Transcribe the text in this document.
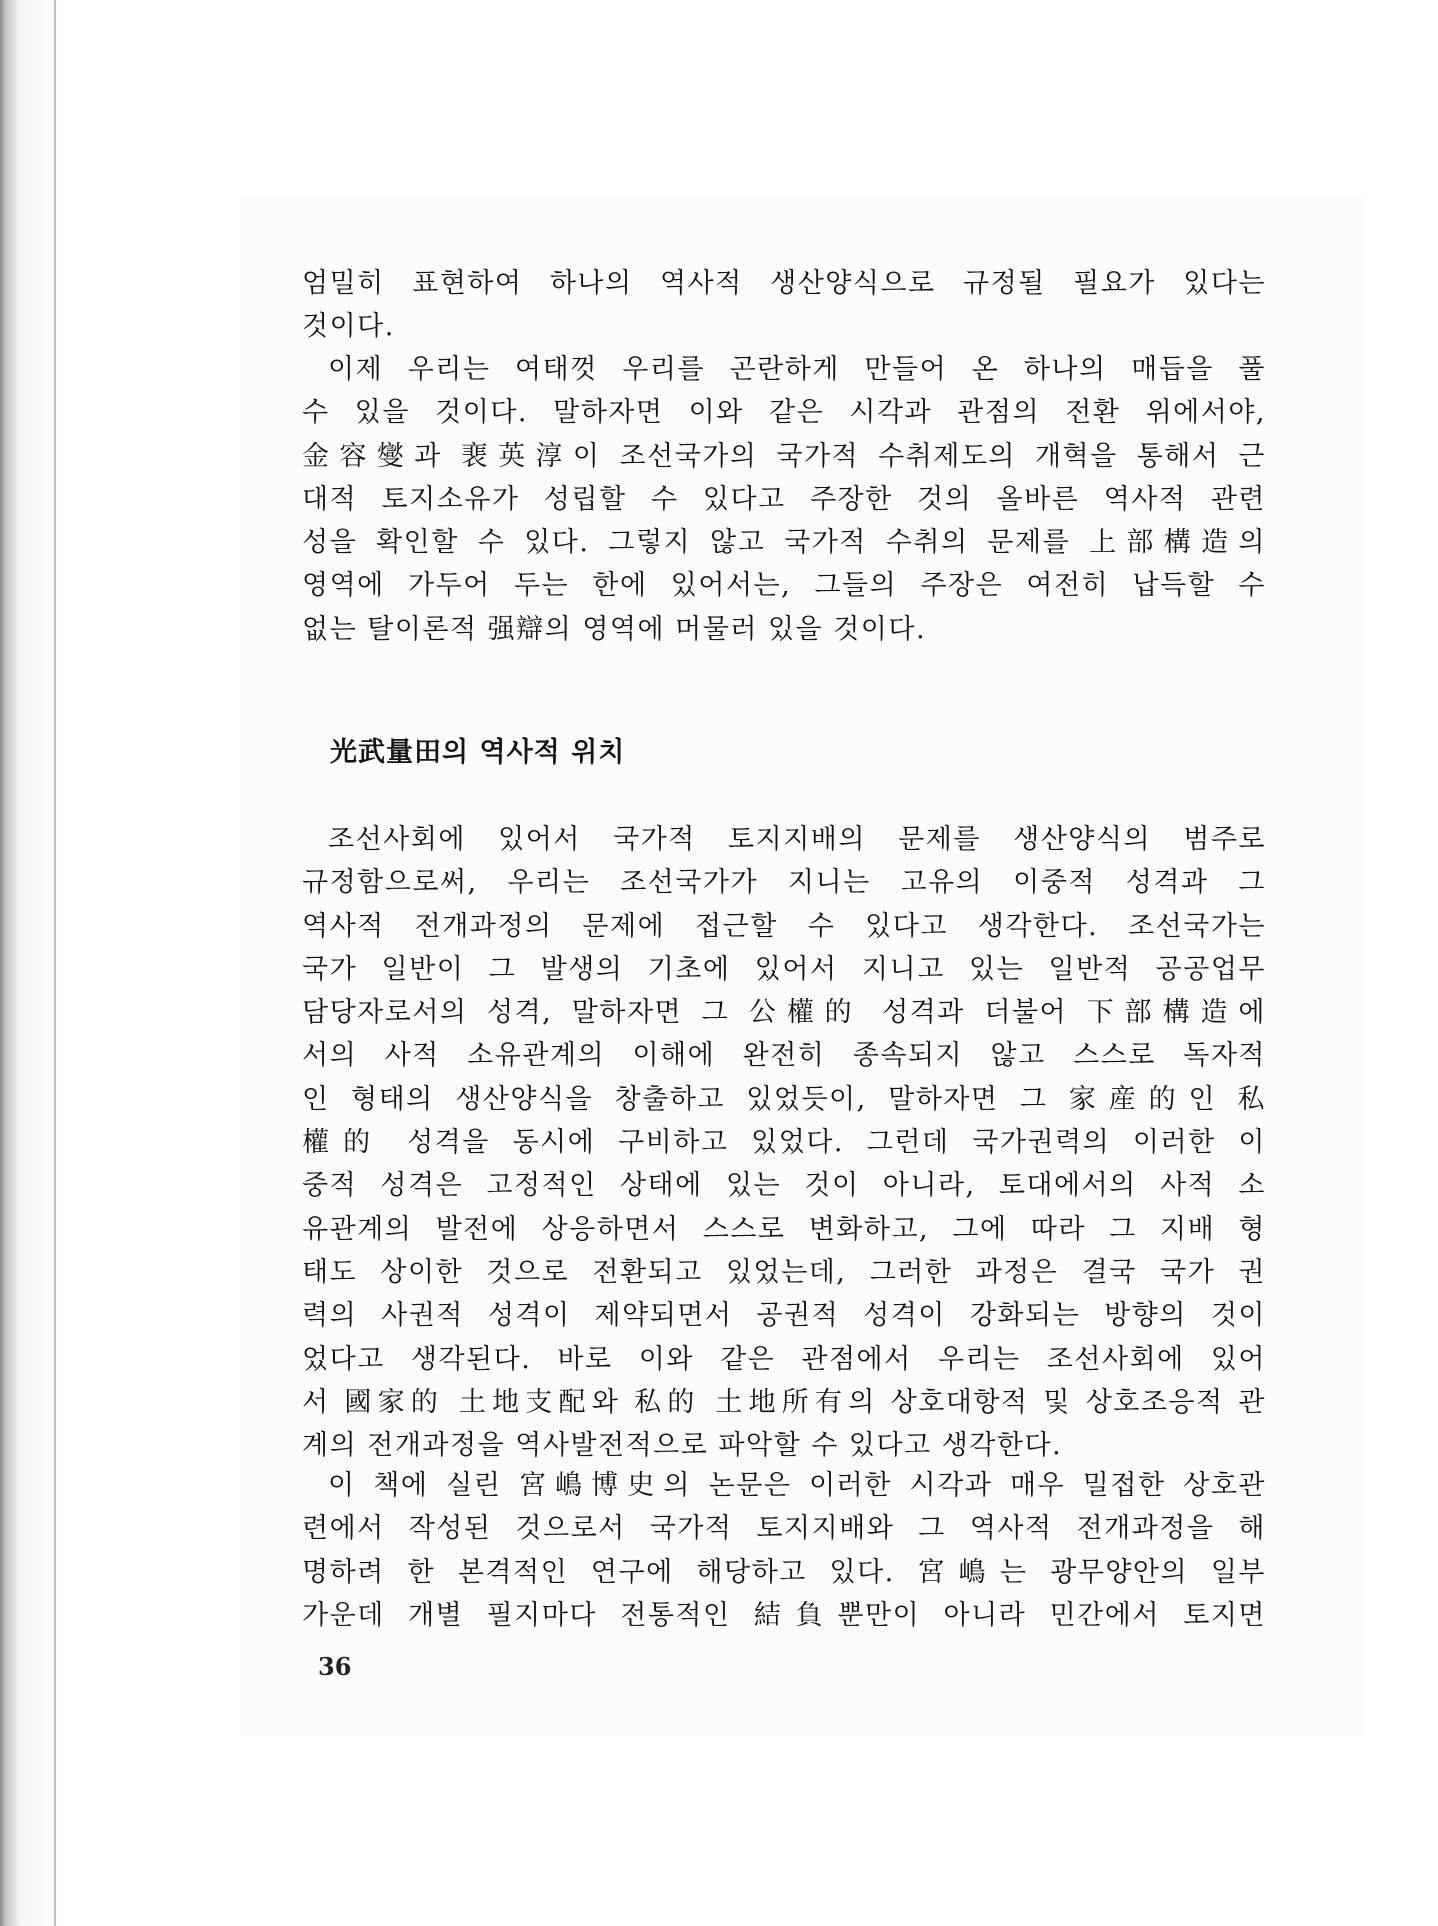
엄밀히 표현하여 하나의 역사적 생산양식으로 규정될 필요가 있다는
것이다.

이제 우리는 여태껏 우리를 곤란하게 만들어 온 하나의 매듭을 풀
수 있을 것이다. 말하자면 이와 같은 시각과 관점의 전환 위에서야,
金容燮과 裵英淳이 조선국가의 국가적 수취제도의 개혁을 통해서 근
대적 토지소유가 성립할 수 있다고 주장한 것의 올바른 역사적 관련
성을 확인할 수 있다. 그렇지 않고 국가적 수취의 문제를 上部構造의
영역에 가두어 두는 한에 있어서는, 그들의 주장은 여전히 납득할 수
없는 탈이론적 强辯의 영역에 머물러 있을 것이다.

光武量田의 역사적 위치

조선사회에 있어서 국가적 토지지배의 문제를 생산양식의 범주로
규정함으로써, 우리는 조선국가가 지니는 고유의 이중적 성격과 그
역사적 전개과정의 문제에 접근할 수 있다고 생각한다. 조선국가는
국가 일반이 그 발생의 기초에 있어서 지니고 있는 일반적 공공업무
담당자로서의 성격, 말하자면 그 公權的 성격과 더불어 下部構造에
서의 사적 소유관계의 이해에 완전히 종속되지 않고 스스로 독자적
인 형태의 생산양식을 창출하고 있었듯이, 말하자면 그 家産的인 私
權的 성격을 동시에 구비하고 있었다. 그런데 국가권력의 이러한 이
중적 성격은 고정적인 상태에 있는 것이 아니라, 토대에서의 사적 소
유관계의 발전에 상응하면서 스스로 변화하고, 그에 따라 그 지배 형
태도 상이한 것으로 전환되고 있었는데, 그러한 과정은 결국 국가 권
력의 사권적 성격이 제약되면서 공권적 성격이 강화되는 방향의 것이
었다고 생각된다. 바로 이와 같은 관점에서 우리는 조선사회에 있어
서 國家的 土地支配와 私的 土地所有의 상호대항적 및 상호조응적 관
계의 전개과정을 역사발전적으로 파악할 수 있다고 생각한다.

이 책에 실린 宮嶋博史의 논문은 이러한 시각과 매우 밀접한 상호관
련에서 작성된 것으로서 국가적 토지지배와 그 역사적 전개과정을 해
명하려 한 본격적인 연구에 해당하고 있다. 宮嶋는 광무양안의 일부
가운데 개별 필지마다 전통적인 結負뿐만이 아니라 민간에서 토지면

36
